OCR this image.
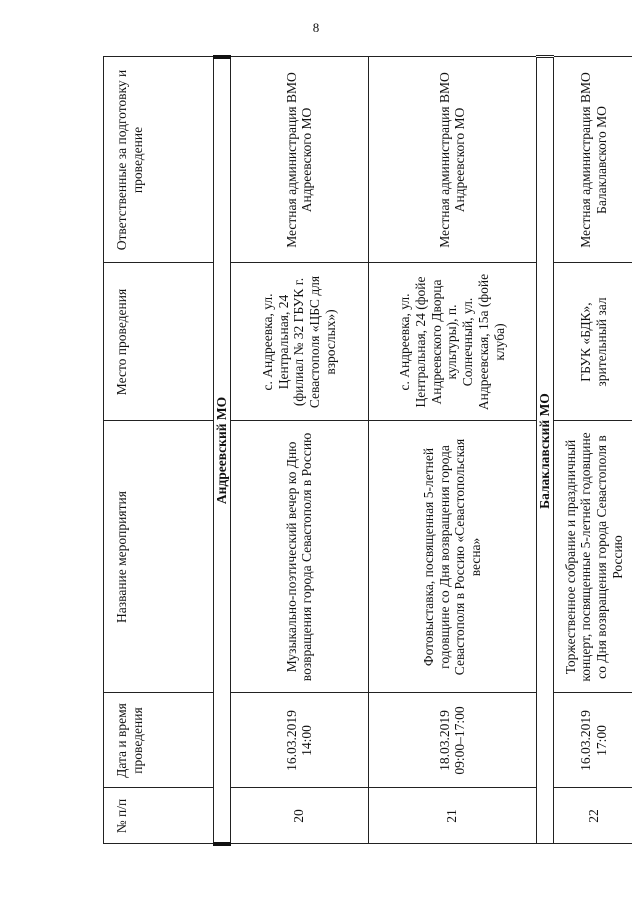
8
№ п/п	Дата и время проведения	Название мероприятия	Место проведения	Ответственные за подготовку и проведение
Андреевский МО				
20	16.03.2019 14:00	Музыкально-поэтический вечер ко Дню возвращения города Севастополя в Россию	с. Андреевка, ул. Центральная, 24 (филиал № 32 ГБУК г. Севастополя «ЦБС для взрослых»)	Местная администрация ВМО Андреевского МО
21	18.03.2019 09:00–17:00	Фотовыставка, посвященная 5-летней годовщине со Дня возвращения города Севастополя в Россию «Севастопольская весна»	с. Андреевка, ул. Центральная, 24 (фойе Андреевского Дворца культуры), п. Солнечный, ул. Андреевская, 15а (фойе клуба)	Местная администрация ВМО Андреевского МО
Балаклавский МО				
22	16.03.2019 17:00	Торжественное собрание и праздничный концерт, посвященные 5-летней годовщине со Дня возвращения города Севастополя в Россию	ГБУК «БДК», зрительный зал	Местная администрация ВМО Балаклавского МО
